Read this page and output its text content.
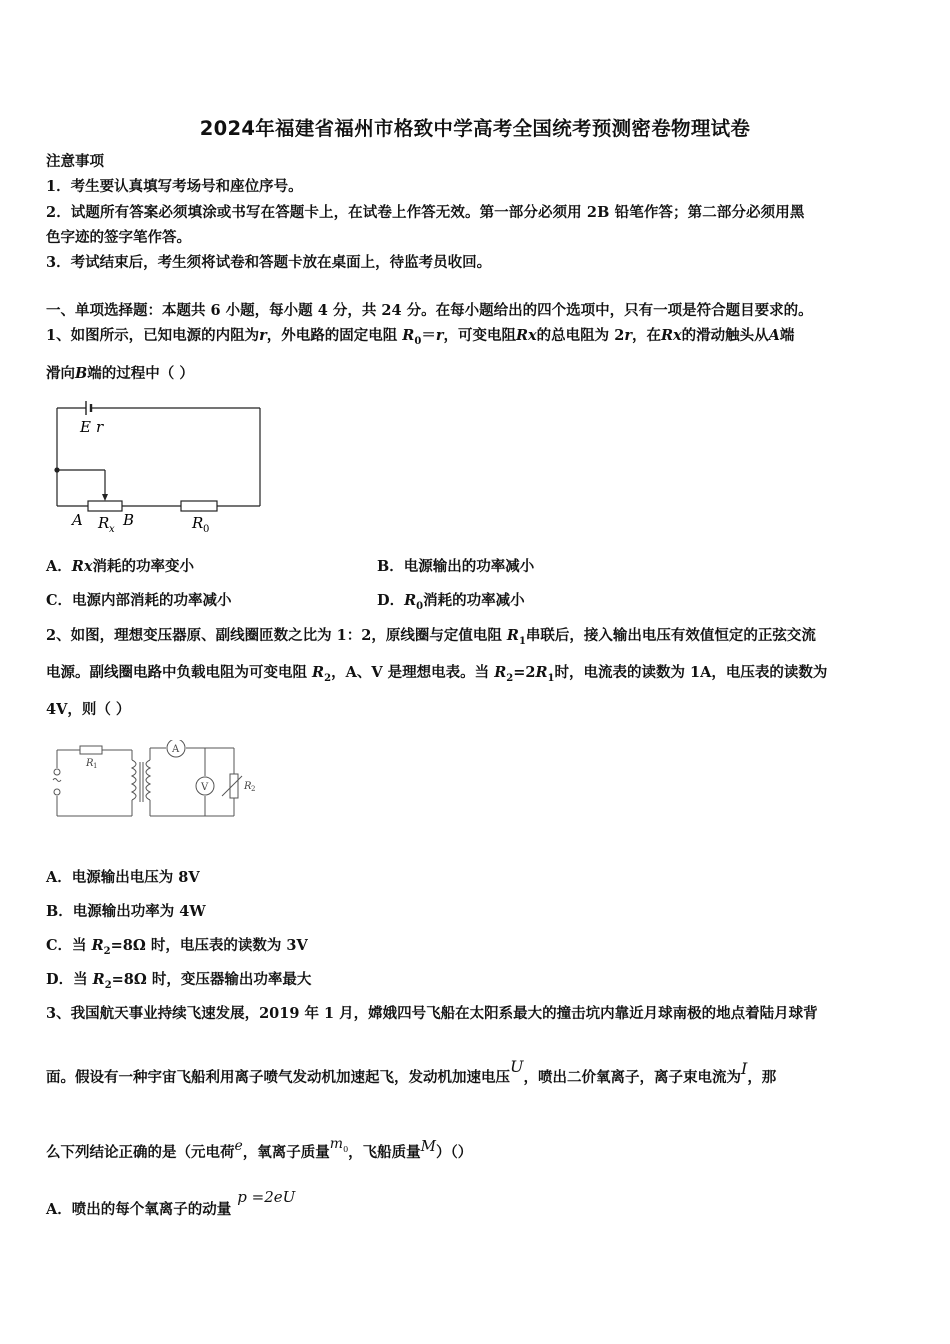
2024年福建省福州市格致中学高考全国统考预测密卷物理试卷
注意事项
1．考生要认真填写考场号和座位序号。
2．试题所有答案必须填涂或书写在答题卡上，在试卷上作答无效。第一部分必须用 2B 铅笔作答；第二部分必须用黑
色字迹的签字笔作答。
3．考试结束后，考生须将试卷和答题卡放在桌面上，待监考员收回。
一、单项选择题：本题共 6 小题，每小题 4 分，共 24 分。在每小题给出的四个选项中，只有一项是符合题目要求的。
1、如图所示，已知电源的内阻为r，外电路的固定电阻 $R_0=r$，可变电阻Rx的总电阻为 2r，在Rx的滑动触头从A端
滑向B端的过程中（ ）
E r
A R x
B	R 0
A．Rx消耗的功率变小	B．电源输出的功率减小
C．电源内部消耗的功率减小	D．$R_0$消耗的功率减小
2、如图，理想变压器原、副线圈匝数之比为 1：2，原线圈与定值电阻 $R_1$串联后，接入输出电压有效值恒定的正弦交流
电源。副线圈电路中负载电阻为可变电阻 $R_2$，A、V 是理想电表。当 $R_2=2R_1$时，电流表的读数为 1A，电压表的读数为
4V，则（ ）
R 1
A
V	R 2
A．电源输出电压为 8V
B．电源输出功率为 4W
C．当 $R_2=8\Omega$ 时，电压表的读数为 3V
D．当 $R_2=8\Omega$ 时，变压器输出功率最大
3、我国航天事业持续飞速发展，2019 年 1 月，嫦娥四号飞船在太阳系最大的撞击坑内靠近月球南极的地点着陆月球背
面。假设有一种宇宙飞船利用离子喷气发动机加速起飞，发动机加速电压U，喷出二价氧离子，离子束电流为I，那
么下列结论正确的是（元电荷e，氧离子质量$m_0$，飞船质量M）（）
A．喷出的每个氧离子的动量p =2eU
